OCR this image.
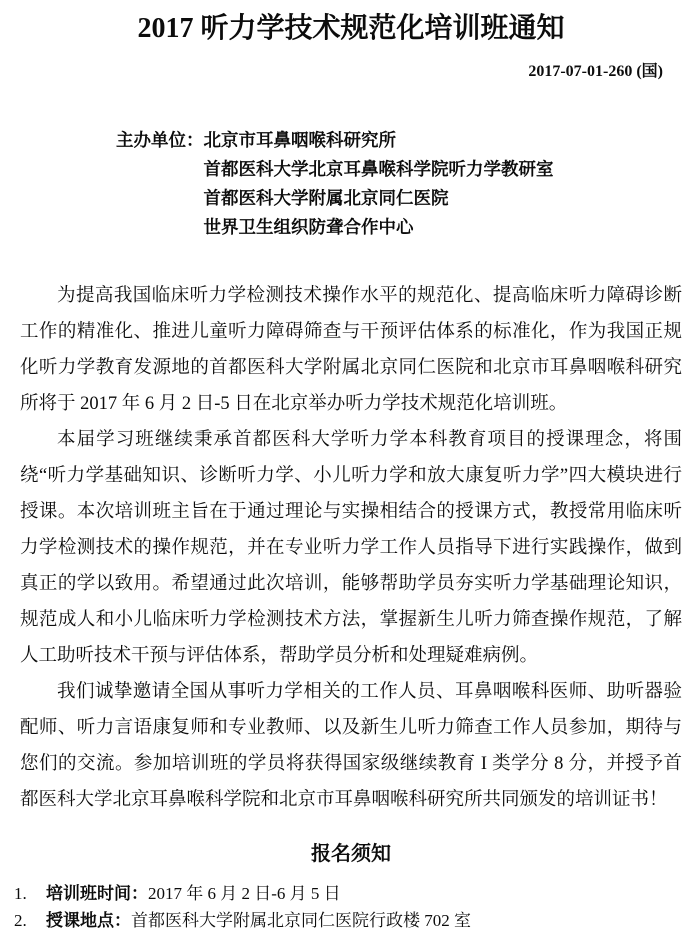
2017 听力学技术规范化培训班通知
2017-07-01-260 (国)
主办单位： 北京市耳鼻咽喉科研究所
首都医科大学北京耳鼻喉科学院听力学教研室
首都医科大学附属北京同仁医院
世界卫生组织防聋合作中心

为提高我国临床听力学检测技术操作水平的规范化、提高临床听力障碍诊断工作的精准化、推进儿童听力障碍筛查与干预评估体系的标准化，作为我国正规化听力学教育发源地的首都医科大学附属北京同仁医院和北京市耳鼻咽喉科研究所将于 2017 年 6 月 2 日-5 日在北京举办听力学技术规范化培训班。

本届学习班继续秉承首都医科大学听力学本科教育项目的授课理念，将围绕“听力学基础知识、诊断听力学、小儿听力学和放大康复听力学”四大模块进行授课。本次培训班主旨在于通过理论与实操相结合的授课方式，教授常用临床听力学检测技术的操作规范，并在专业听力学工作人员指导下进行实践操作，做到真正的学以致用。希望通过此次培训，能够帮助学员夯实听力学基础理论知识，规范成人和小儿临床听力学检测技术方法，掌握新生儿听力筛查操作规范，了解人工助听技术干预与评估体系，帮助学员分析和处理疑难病例。

我们诚挚邀请全国从事听力学相关的工作人员、耳鼻咽喉科医师、助听器验配师、听力言语康复师和专业教师、以及新生儿听力筛查工作人员参加，期待与您们的交流。参加培训班的学员将获得国家级继续教育 I 类学分 8 分，并授予首都医科大学北京耳鼻喉科学院和北京市耳鼻咽喉科研究所共同颁发的培训证书！

报名须知
1. 培训班时间：2017 年 6 月 2 日-6 月 5 日
2. 授课地点：首都医科大学附属北京同仁医院行政楼 702 室
